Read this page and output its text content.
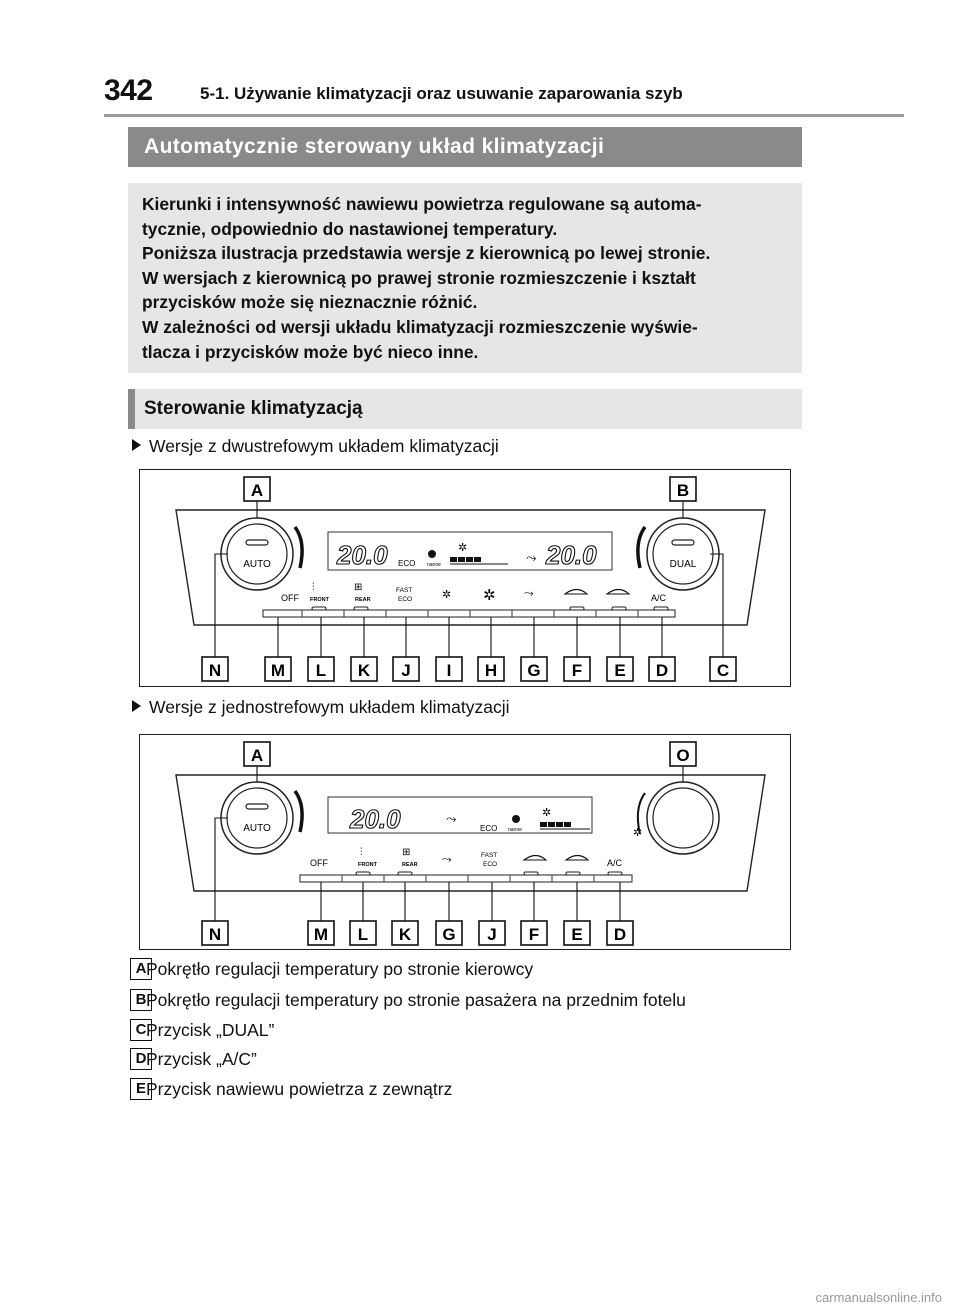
342	5-1. Używanie klimatyzacji oraz usuwanie zaparowania szyb
Automatycznie sterowany układ klimatyzacji

Kierunki i intensywność nawiewu powietrza regulowane są automa-

tycznie, odpowiednio do nastawionej temperatury.

Poniższa ilustracja przedstawia wersje z kierownicą po lewej stronie.

W wersjach z kierownicą po prawej stronie rozmieszczenie i kształt

przycisków może się nieznacznie różnić.

W zależności od wersji układu klimatyzacji rozmieszczenie wyświe-

tlacza i przycisków może być nieco inne.

Sterowanie klimatyzacją
Wersje z dwustrefowym układem klimatyzacji
AUTO	DUAL
20.0 ECO nanoe
✲
⤳ 20.0
OFF
⫶
FRONT
⊞
REAR
FAST
ECO	✲ ✲ ⤳	A/C
A	B
N	M L K J I H G F E D	C
Wersje z jednostrefowym układem klimatyzacji
AUTO	✲
20.0	⤳
ECO nanoe
✲
OFF
⫶
FRONT
⊞
REAR ⤳	FAST
ECO	A/C
A	O
N	M L K G J F E D
A Pokrętło regulacji temperatury po stronie kierowcy
B Pokrętło regulacji temperatury po stronie pasażera na przednim fotelu
C Przycisk „DUAL”
D Przycisk „A/C”
E Przycisk nawiewu powietrza z zewnątrz
carmanualsonline.info
